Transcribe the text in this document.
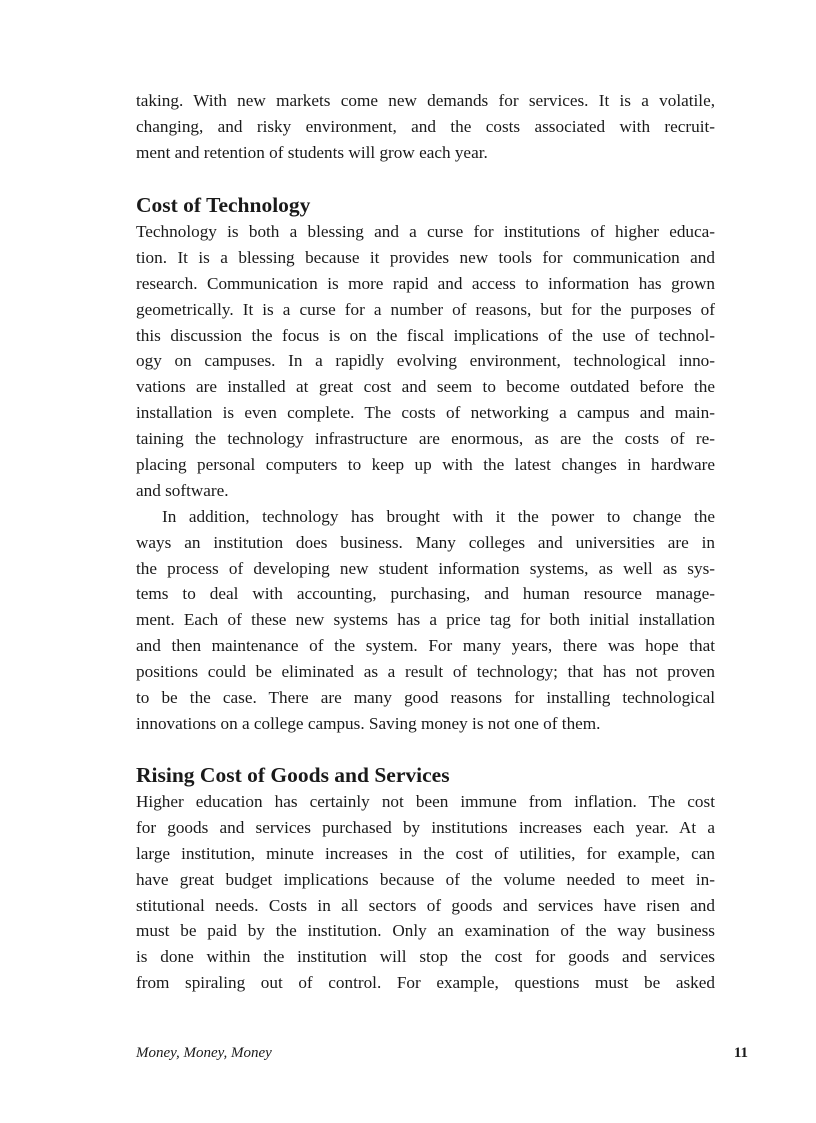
taking. With new markets come new demands for services. It is a volatile,
changing, and risky environment, and the costs associated with recruit-
ment and retention of students will grow each year.
Cost of Technology
Technology is both a blessing and a curse for institutions of higher educa-
tion. It is a blessing because it provides new tools for communication and
research. Communication is more rapid and access to information has grown
geometrically. It is a curse for a number of reasons, but for the purposes of
this discussion the focus is on the fiscal implications of the use of technol-
ogy on campuses. In a rapidly evolving environment, technological inno-
vations are installed at great cost and seem to become outdated before the
installation is even complete. The costs of networking a campus and main-
taining the technology infrastructure are enormous, as are the costs of re-
placing personal computers to keep up with the latest changes in hardware
and software.
In addition, technology has brought with it the power to change the
ways an institution does business. Many colleges and universities are in
the process of developing new student information systems, as well as sys-
tems to deal with accounting, purchasing, and human resource manage-
ment. Each of these new systems has a price tag for both initial installation
and then maintenance of the system. For many years, there was hope that
positions could be eliminated as a result of technology; that has not proven
to be the case. There are many good reasons for installing technological
innovations on a college campus. Saving money is not one of them.
Rising Cost of Goods and Services
Higher education has certainly not been immune from inflation. The cost
for goods and services purchased by institutions increases each year. At a
large institution, minute increases in the cost of utilities, for example, can
have great budget implications because of the volume needed to meet in-
stitutional needs. Costs in all sectors of goods and services have risen and
must be paid by the institution. Only an examination of the way business
is done within the institution will stop the cost for goods and services
from spiraling out of control. For example, questions must be asked
Money, Money, Money	11
